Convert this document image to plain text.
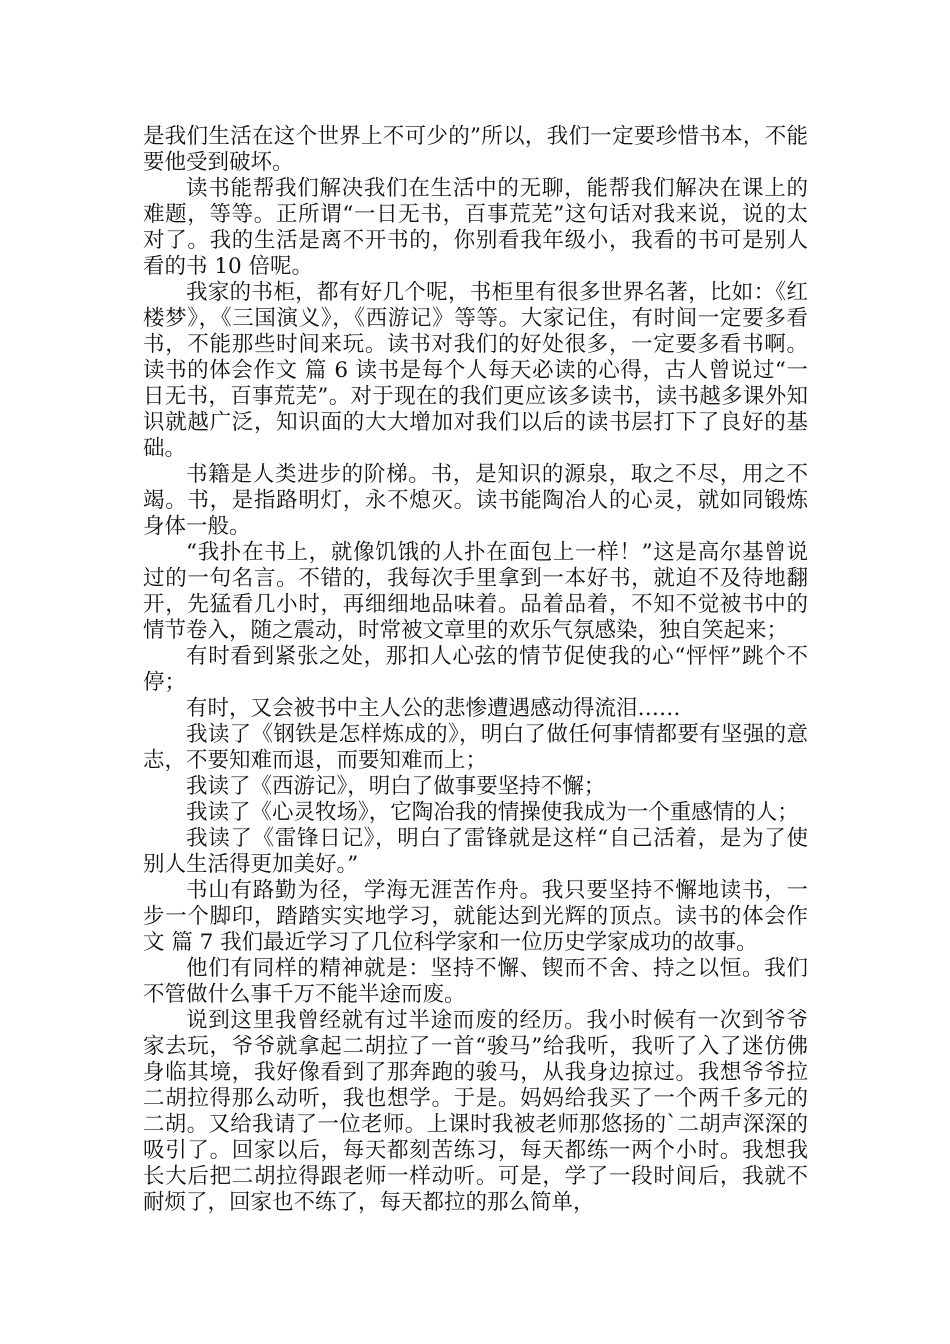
是我们生活在这个世界上不可少的”所以，我们一定要珍惜书本，不能要他受到破坏。

读书能帮我们解决我们在生活中的无聊，能帮我们解决在课上的难题，等等。正所谓“一日无书，百事荒芜”这句话对我来说，说的太对了。我的生活是离不开书的，你别看我年级小，我看的书可是别人看的书 10 倍呢。

我家的书柜，都有好几个呢，书柜里有很多世界名著，比如：《红楼梦》，《三国演义》，《西游记》等等。大家记住，有时间一定要多看书，不能那些时间来玩。读书对我们的好处很多，一定要多看书啊。读书的体会作文 篇 6 读书是每个人每天必读的心得，古人曾说过“一日无书，百事荒芜”。对于现在的我们更应该多读书，读书越多课外知识就越广泛，知识面的大大增加对我们以后的读书层打下了良好的基础。

书籍是人类进步的阶梯。书，是知识的源泉，取之不尽，用之不竭。书，是指路明灯，永不熄灭。读书能陶冶人的心灵，就如同锻炼身体一般。

“我扑在书上，就像饥饿的人扑在面包上一样！”这是高尔基曾说过的一句名言。不错的，我每次手里拿到一本好书，就迫不及待地翻开，先猛看几小时，再细细地品味着。品着品着，不知不觉被书中的情节卷入，随之震动，时常被文章里的欢乐气氛感染，独自笑起来；

有时看到紧张之处，那扣人心弦的情节促使我的心“怦怦”跳个不停；

有时，又会被书中主人公的悲惨遭遇感动得流泪……

我读了《钢铁是怎样炼成的》，明白了做任何事情都要有坚强的意志，不要知难而退，而要知难而上；

我读了《西游记》，明白了做事要坚持不懈；

我读了《心灵牧场》，它陶冶我的情操使我成为一个重感情的人；

我读了《雷锋日记》，明白了雷锋就是这样“自己活着，是为了使别人生活得更加美好。”

书山有路勤为径，学海无涯苦作舟。我只要坚持不懈地读书，一步一个脚印，踏踏实实地学习，就能达到光辉的顶点。读书的体会作文 篇 7 我们最近学习了几位科学家和一位历史学家成功的故事。

他们有同样的精神就是：坚持不懈、锲而不舍、持之以恒。我们不管做什么事千万不能半途而废。

说到这里我曾经就有过半途而废的经历。我小时候有一次到爷爷家去玩，爷爷就拿起二胡拉了一首“骏马”给我听，我听了入了迷仿佛身临其境，我好像看到了那奔跑的骏马，从我身边掠过。我想爷爷拉二胡拉得那么动听，我也想学。于是。妈妈给我买了一个两千多元的二胡。又给我请了一位老师。上课时我被老师那悠扬的`二胡声深深的吸引了。回家以后，每天都刻苦练习，每天都练一两个小时。我想我长大后把二胡拉得跟老师一样动听。可是，学了一段时间后，我就不耐烦了，回家也不练了，每天都拉的那么简单，
